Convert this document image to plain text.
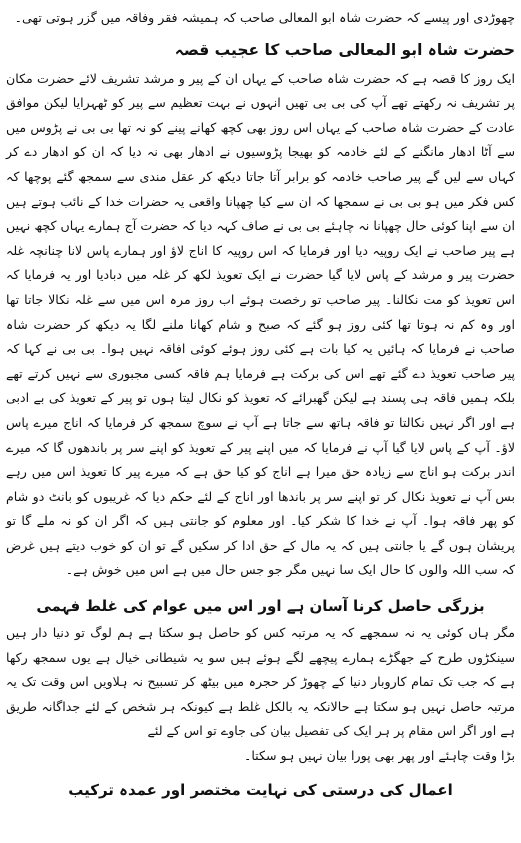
چھوڑدی اور پیسے کہ حضرت شاہ ابو المعالی صاحب کہ ہمیشہ فقر وفاقہ میں گزر ہوتی تھی۔

حضرت شاہ ابو المعالی صاحب کا عجیب قصہ

ایک روز کا قصہ ہے کہ حضرت شاہ صاحب کے یہاں ان کے پیر و مرشد تشریف لائے حضرت مکان پر تشریف نہ رکھتے تھے آپ کی بی بی تھیں انہوں نے بہت تعظیم سے پیر کو ٹھہرایا لیکن موافق عادت کے حضرت شاہ صاحب کے یہاں اس روز بھی کچھ کھانے پینے کو نہ تھا بی بی نے پڑوس میں سے آٹا ادھار مانگنے کے لئے خادمہ کو بھیجا پڑوسیوں نے ادھار بھی نہ دیا کہ ان کو ادھار دے کر کہاں سے لیں گے پیر صاحب خادمہ کو برابر آتا جاتا دیکھ کر عقل مندی سے سمجھ گئے پوچھا کہ کس فکر میں ہو بی بی نے سمجھا کہ ان سے کیا چھپانا واقعی یہ حضرات خدا کے نائب ہوتے ہیں ان سے اپنا کوئی حال چھپانا نہ چاہئے بی بی نے صاف کہہ دیا کہ حضرت آج ہمارے یہاں کچھ نہیں ہے پیر صاحب نے ایک روپیہ دیا اور فرمایا کہ اس روپیہ کا اناج لاؤ اور ہمارے پاس لانا چنانچہ غلہ حضرت پیر و مرشد کے پاس لایا گیا حضرت نے ایک تعویذ لکھ کر غلہ میں دبادیا اور یہ فرمایا کہ اس تعویذ کو مت نکالنا۔ پیر صاحب تو رخصت ہوئے اب روز مرہ اس میں سے غلہ نکالا جاتا تھا اور وہ کم نہ ہوتا تھا کئی روز ہو گئے کہ صبح و شام کھانا ملنے لگا یہ دیکھ کر حضرت شاہ صاحب نے فرمایا کہ ہائیں یہ کیا بات ہے کئی روز ہوئے کوئی افاقہ نہیں ہوا۔ بی بی نے کہا کہ پیر صاحب تعویذ دے گئے تھے اس کی برکت ہے فرمایا ہم فاقہ کسی مجبوری سے نہیں کرتے تھے بلکہ ہمیں فاقہ ہی پسند ہے لیکن گھبرائے کہ تعویذ کو نکال لیتا ہوں تو پیر کے تعویذ کی بے ادبی ہے اور اگر نہیں نکالتا تو فاقہ ہاتھ سے جاتا ہے آپ نے سوچ سمجھ کر فرمایا کہ اناج میرے پاس لاؤ۔ آپ کے پاس لایا گیا آپ نے فرمایا کہ میں اپنے پیر کے تعویذ کو اپنے سر پر باندھوں گا کہ میرے اندر برکت ہو اناج سے زیادہ حق میرا ہے اناج کو کیا حق ہے کہ میرے پیر کا تعویذ اس میں رہے بس آپ نے تعویذ نکال کر تو اپنے سر پر باندھا اور اناج کے لئے حکم دیا کہ غریبوں کو بانٹ دو شام کو پھر فاقہ ہوا۔ آپ نے خدا کا شکر کیا۔ اور معلوم کو جانتی ہیں کہ اگر ان کو نہ ملے گا تو پریشان ہوں گے یا جانتی ہیں کہ یہ مال کے حق ادا کر سکیں گے تو ان کو خوب دیتے ہیں غرض کہ سب اللہ والوں کا حال ایک سا نہیں مگر جو جس حال میں ہے اس میں خوش ہے۔

بزرگی حاصل کرنا آسان ہے اور اس میں عوام کی غلط فہمی

مگر ہاں کوئی یہ نہ سمجھے کہ یہ مرتبہ کس کو حاصل ہو سکتا ہے ہم لوگ تو دنیا دار ہیں سینکڑوں طرح کے جھگڑے ہمارے پیچھے لگے ہوئے ہیں سو یہ شیطانی خیال ہے یوں سمجھ رکھا ہے کہ جب تک تمام کاروبار دنیا کے چھوڑ کر حجرہ میں بیٹھ کر تسبیح نہ ہلاویں اس وقت تک یہ مرتبہ حاصل نہیں ہو سکتا ہے حالانکہ یہ بالکل غلط ہے کیونکہ ہر شخص کے لئے جداگانہ طریق ہے اور اگر اس مقام پر ہر ایک کی تفصیل بیان کی جاوے تو اس کے لئے

بڑا وقت چاہئے اور پھر بھی پورا بیان نہیں ہو سکتا۔

اعمال کی درستی کی نہایت مختصر اور عمدہ ترکیب
